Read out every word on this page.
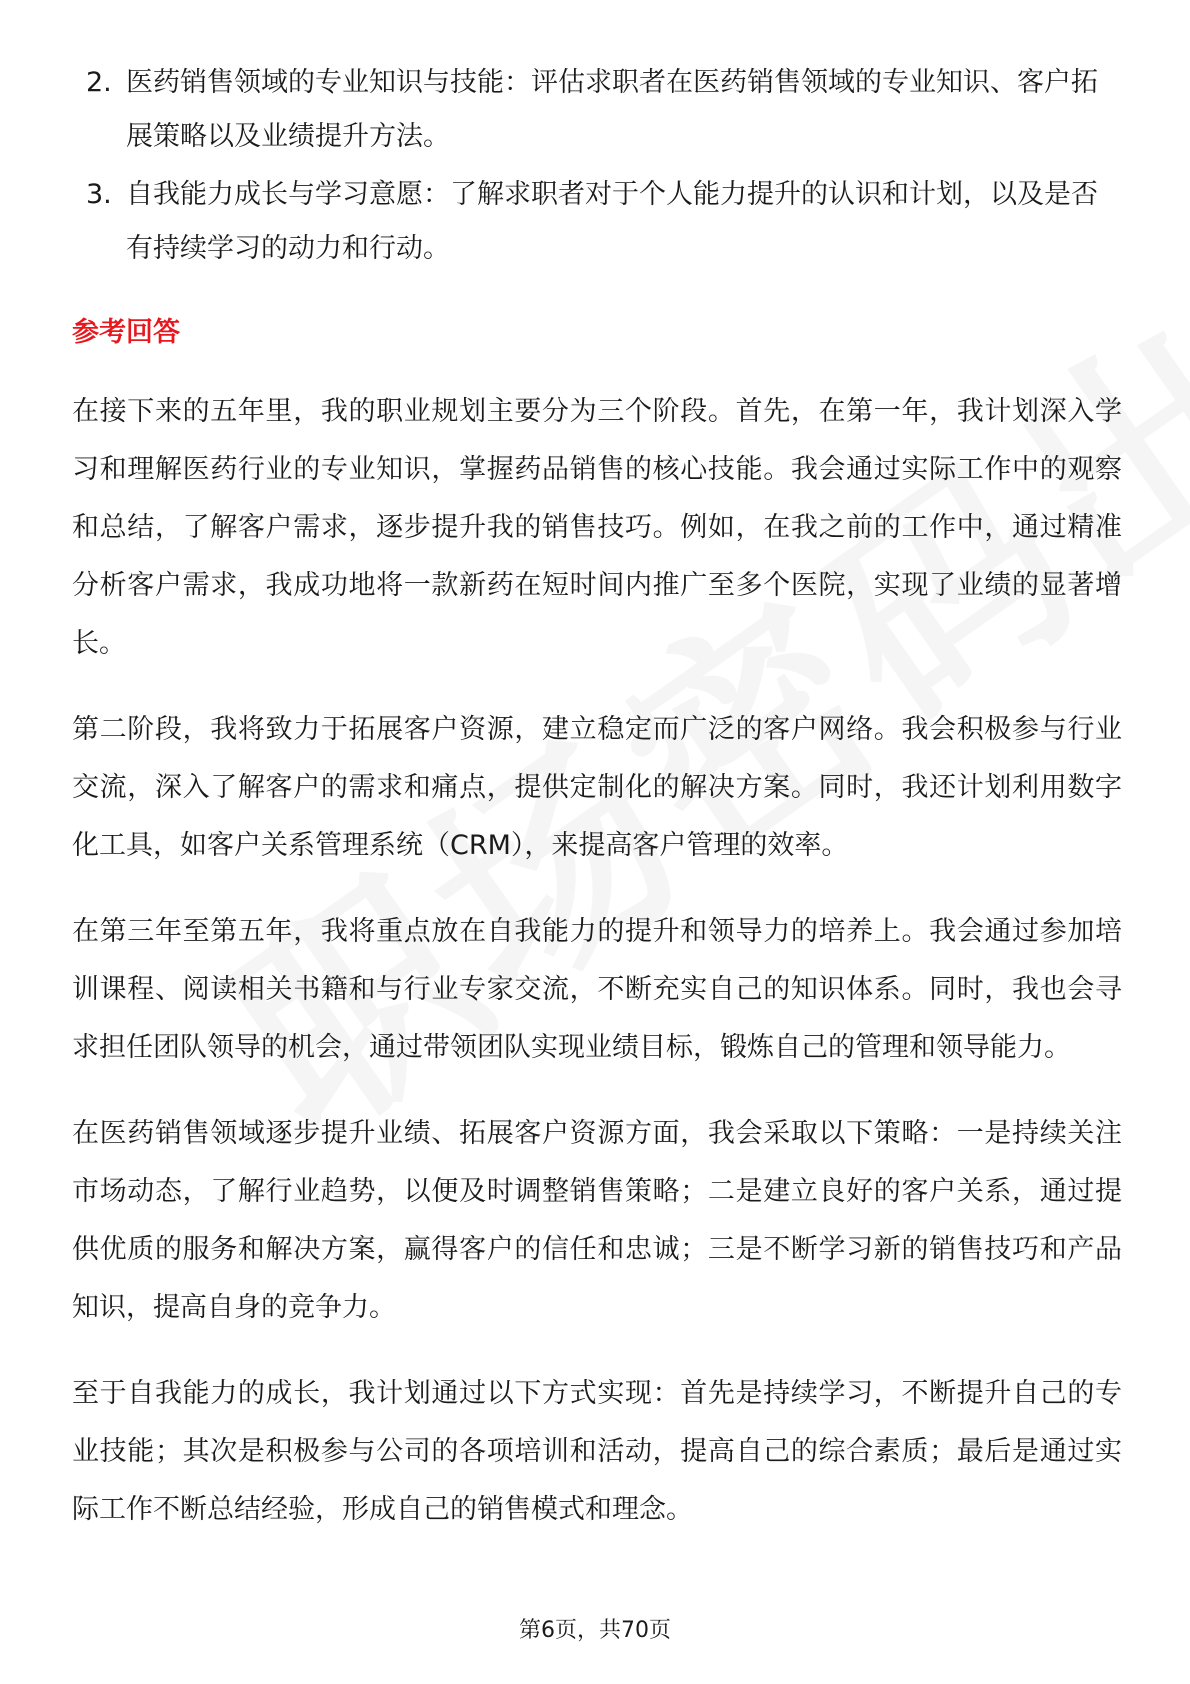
2. 医药销售领域的专业知识与技能：评估求职者在医药销售领域的专业知识、客户拓展策略以及业绩提升方法。
3. 自我能力成长与学习意愿：了解求职者对于个人能力提升的认识和计划，以及是否有持续学习的动力和行动。
参考回答

在接下来的五年里，我的职业规划主要分为三个阶段。首先，在第一年，我计划深入学习和理解医药行业的专业知识，掌握药品销售的核心技能。我会通过实际工作中的观察和总结，了解客户需求，逐步提升我的销售技巧。例如，在我之前的工作中，通过精准分析客户需求，我成功地将一款新药在短时间内推广至多个医院，实现了业绩的显著增长。

第二阶段，我将致力于拓展客户资源，建立稳定而广泛的客户网络。我会积极参与行业交流，深入了解客户的需求和痛点，提供定制化的解决方案。同时，我还计划利用数字化工具，如客户关系管理系统（CRM），来提高客户管理的效率。

在第三年至第五年，我将重点放在自我能力的提升和领导力的培养上。我会通过参加培训课程、阅读相关书籍和与行业专家交流，不断充实自己的知识体系。同时，我也会寻求担任团队领导的机会，通过带领团队实现业绩目标，锻炼自己的管理和领导能力。

在医药销售领域逐步提升业绩、拓展客户资源方面，我会采取以下策略：一是持续关注市场动态，了解行业趋势，以便及时调整销售策略；二是建立良好的客户关系，通过提供优质的服务和解决方案，赢得客户的信任和忠诚；三是不断学习新的销售技巧和产品知识，提高自身的竞争力。

至于自我能力的成长，我计划通过以下方式实现：首先是持续学习，不断提升自己的专业技能；其次是积极参与公司的各项培训和活动，提高自己的综合素质；最后是通过实际工作不断总结经验，形成自己的销售模式和理念。

第6页，共70页
